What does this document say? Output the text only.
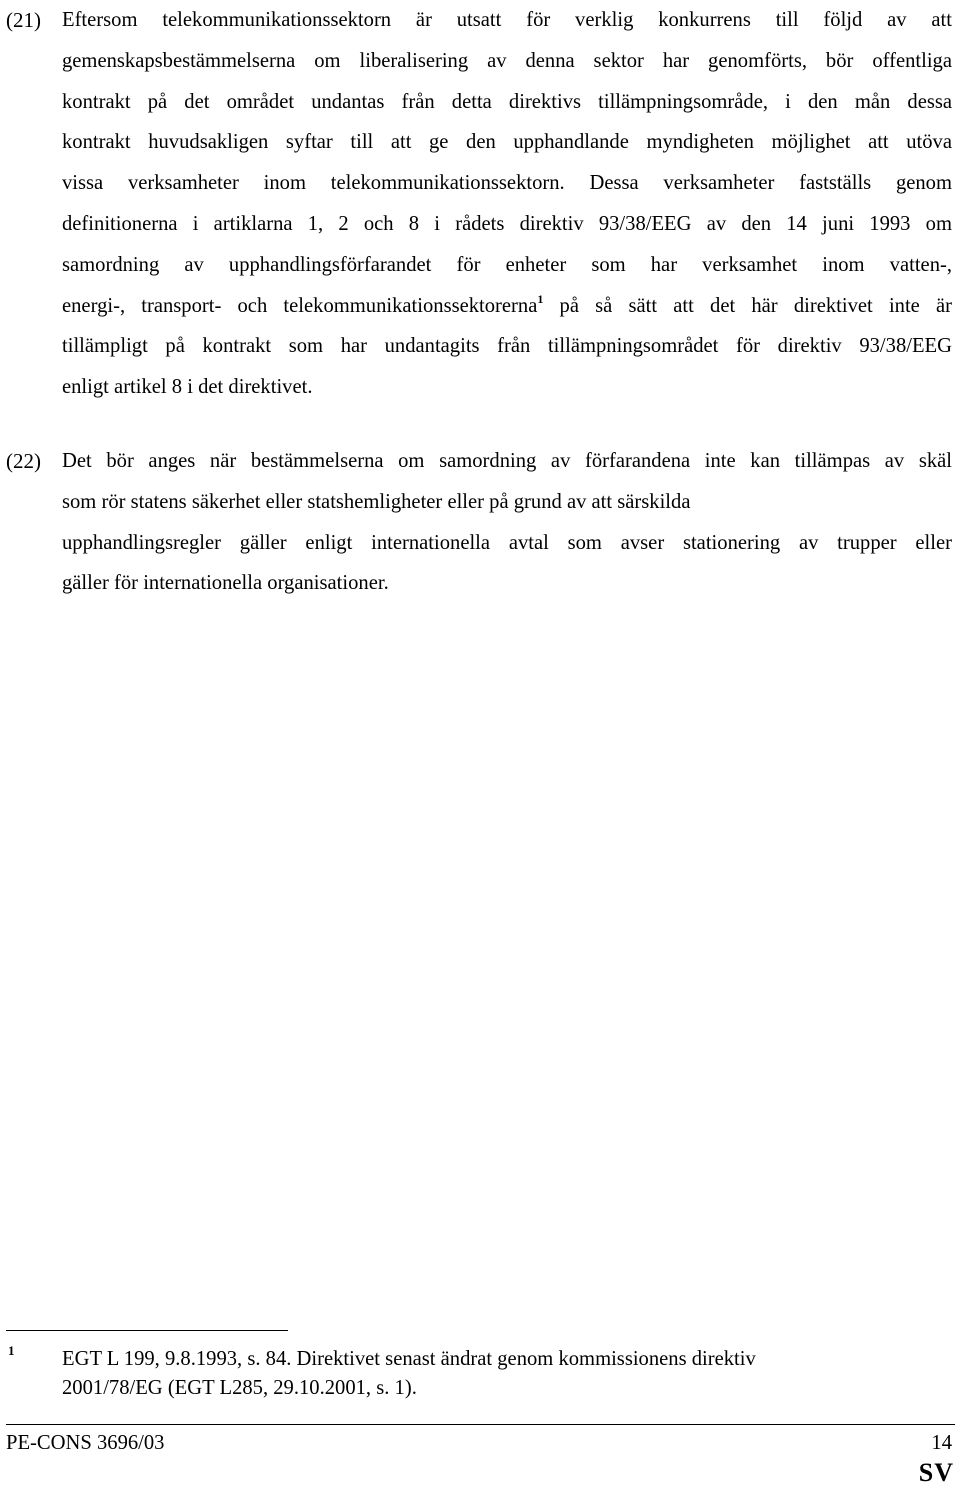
(21) Eftersom telekommunikationssektorn är utsatt för verklig konkurrens till följd av att
gemenskapsbestämmelserna om liberalisering av denna sektor har genomförts, bör offentliga
kontrakt på det området undantas från detta direktivs tillämpningsområde, i den mån dessa
kontrakt huvudsakligen syftar till att ge den upphandlande myndigheten möjlighet att utöva
vissa verksamheter inom telekommunikationssektorn. Dessa verksamheter fastställs genom
definitionerna i artiklarna 1, 2 och 8 i rådets direktiv 93/38/EEG av den 14 juni 1993 om
samordning av upphandlingsförfarandet för enheter som har verksamhet inom vatten-,
energi-, transport- och telekommunikationssektorerna$^1$ på så sätt att det här direktivet inte är
tillämpligt på kontrakt som har undantagits från tillämpningsområdet för direktiv 93/38/EEG
enligt artikel 8 i det direktivet.
(22) Det bör anges när bestämmelserna om samordning av förfarandena inte kan tillämpas av skäl
som rör statens säkerhet eller statshemligheter eller på grund av att särskilda
upphandlingsregler gäller enligt internationella avtal som avser stationering av trupper eller
gäller för internationella organisationer.
1 EGT L 199, 9.8.1993, s. 84. Direktivet senast ändrat genom kommissionens direktiv
2001/78/EG (EGT L285, 29.10.2001, s. 1).
PE-CONS 3696/03	14
SV
